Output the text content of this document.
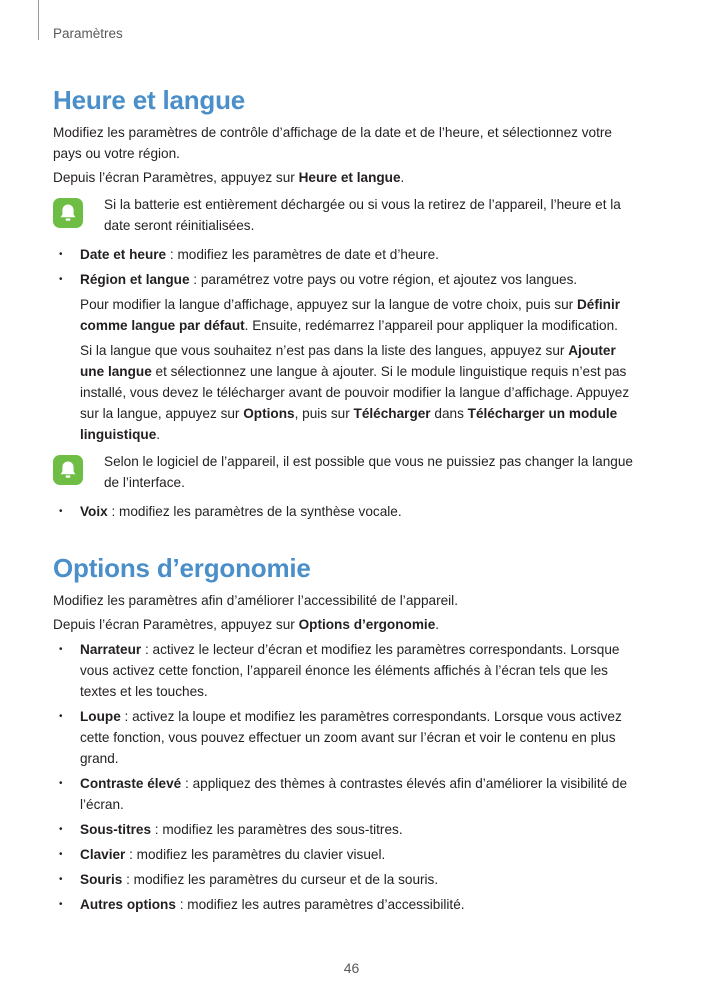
Paramètres
Heure et langue

Modifiez les paramètres de contrôle d’affichage de la date et de l’heure, et sélectionnez votre pays ou votre région.

Depuis l’écran Paramètres, appuyez sur Heure et langue.

Si la batterie est entièrement déchargée ou si vous la retirez de l’appareil, l’heure et la date seront réinitialisées.

• Date et heure : modifiez les paramètres de date et d’heure.
• Région et langue : paramétrez votre pays ou votre région, et ajoutez vos langues.

Pour modifier la langue d’affichage, appuyez sur la langue de votre choix, puis sur Définir comme langue par défaut. Ensuite, redémarrez l’appareil pour appliquer la modification.

Si la langue que vous souhaitez n’est pas dans la liste des langues, appuyez sur Ajouter une langue et sélectionnez une langue à ajouter. Si le module linguistique requis n’est pas installé, vous devez le télécharger avant de pouvoir modifier la langue d’affichage. Appuyez sur la langue, appuyez sur Options, puis sur Télécharger dans Télécharger un module linguistique.

Selon le logiciel de l’appareil, il est possible que vous ne puissiez pas changer la langue de l’interface.

• Voix : modifiez les paramètres de la synthèse vocale.
Options d’ergonomie

Modifiez les paramètres afin d’améliorer l’accessibilité de l’appareil.

Depuis l’écran Paramètres, appuyez sur Options d’ergonomie.

• Narrateur : activez le lecteur d’écran et modifiez les paramètres correspondants. Lorsque vous activez cette fonction, l’appareil énonce les éléments affichés à l’écran tels que les textes et les touches.
• Loupe : activez la loupe et modifiez les paramètres correspondants. Lorsque vous activez cette fonction, vous pouvez effectuer un zoom avant sur l’écran et voir le contenu en plus grand.
• Contraste élevé : appliquez des thèmes à contrastes élevés afin d’améliorer la visibilité de l’écran.
• Sous-titres : modifiez les paramètres des sous-titres.
• Clavier : modifiez les paramètres du clavier visuel.
• Souris : modifiez les paramètres du curseur et de la souris.
• Autres options : modifiez les autres paramètres d’accessibilité.
46
